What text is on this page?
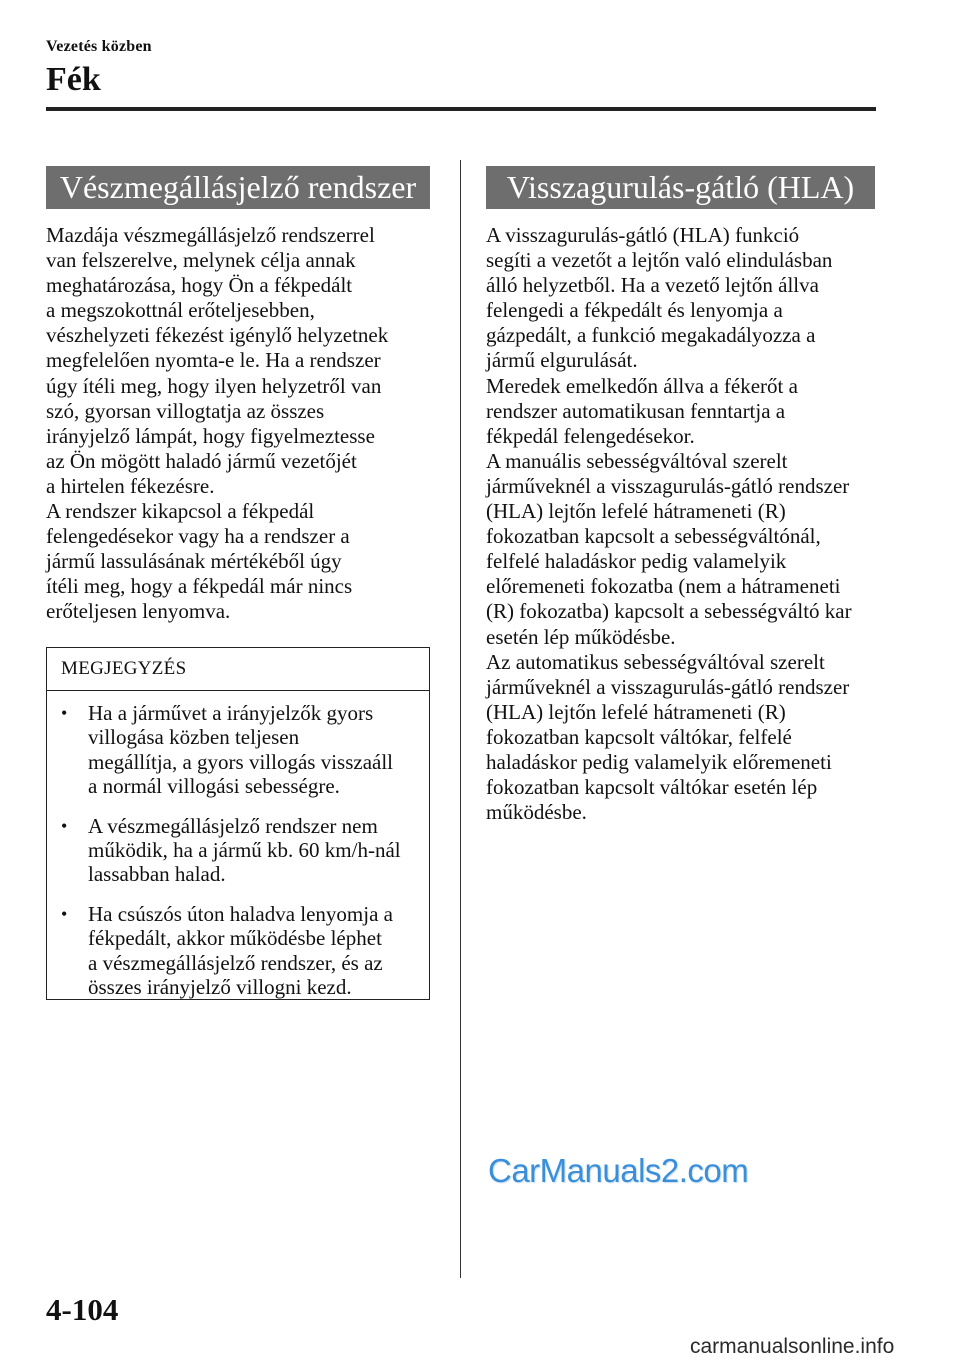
Vezetés közben
Fék
Vészmegállásjelző rendszer

Mazdája vészmegállásjelző rendszerrel

van felszerelve, melynek célja annak

meghatározása, hogy Ön a fékpedált

a megszokottnál erőteljesebben,

vészhelyzeti fékezést igénylő helyzetnek

megfelelően nyomta-e le. Ha a rendszer

úgy ítéli meg, hogy ilyen helyzetről van

szó, gyorsan villogtatja az összes

irányjelző lámpát, hogy figyelmeztesse

az Ön mögött haladó jármű vezetőjét

a hirtelen fékezésre.

A rendszer kikapcsol a fékpedál

felengedésekor vagy ha a rendszer a

jármű lassulásának mértékéből úgy

ítéli meg, hogy a fékpedál már nincs

erőteljesen lenyomva.

MEGJEGYZÉS
• Ha a járművet a irányjelzők gyors
villogása közben teljesen
megállítja, a gyors villogás visszaáll
a normál villogási sebességre.
• A vészmegállásjelző rendszer nem
működik, ha a jármű kb. 60 km/h-nál
lassabban halad.
• Ha csúszós úton haladva lenyomja a
fékpedált, akkor működésbe léphet
a vészmegállásjelző rendszer, és az
összes irányjelző villogni kezd.
Visszagurulás-gátló (HLA)

A visszagurulás-gátló (HLA) funkció

segíti a vezetőt a lejtőn való elindulásban

álló helyzetből. Ha a vezető lejtőn állva

felengedi a fékpedált és lenyomja a

gázpedált, a funkció megakadályozza a

jármű elgurulását.

Meredek emelkedőn állva a fékerőt a

rendszer automatikusan fenntartja a

fékpedál felengedésekor.

A manuális sebességváltóval szerelt

járműveknél a visszagurulás-gátló rendszer

(HLA) lejtőn lefelé hátrameneti (R)

fokozatban kapcsolt a sebességváltónál,

felfelé haladáskor pedig valamelyik

előremeneti fokozatba (nem a hátrameneti

(R) fokozatba) kapcsolt a sebességváltó kar

esetén lép működésbe.

Az automatikus sebességváltóval szerelt

járműveknél a visszagurulás-gátló rendszer

(HLA) lejtőn lefelé hátrameneti (R)

fokozatban kapcsolt váltókar, felfelé

haladáskor pedig valamelyik előremeneti

fokozatban kapcsolt váltókar esetén lép

működésbe.

CarManuals2.com
4-104
carmanualsonline.info
